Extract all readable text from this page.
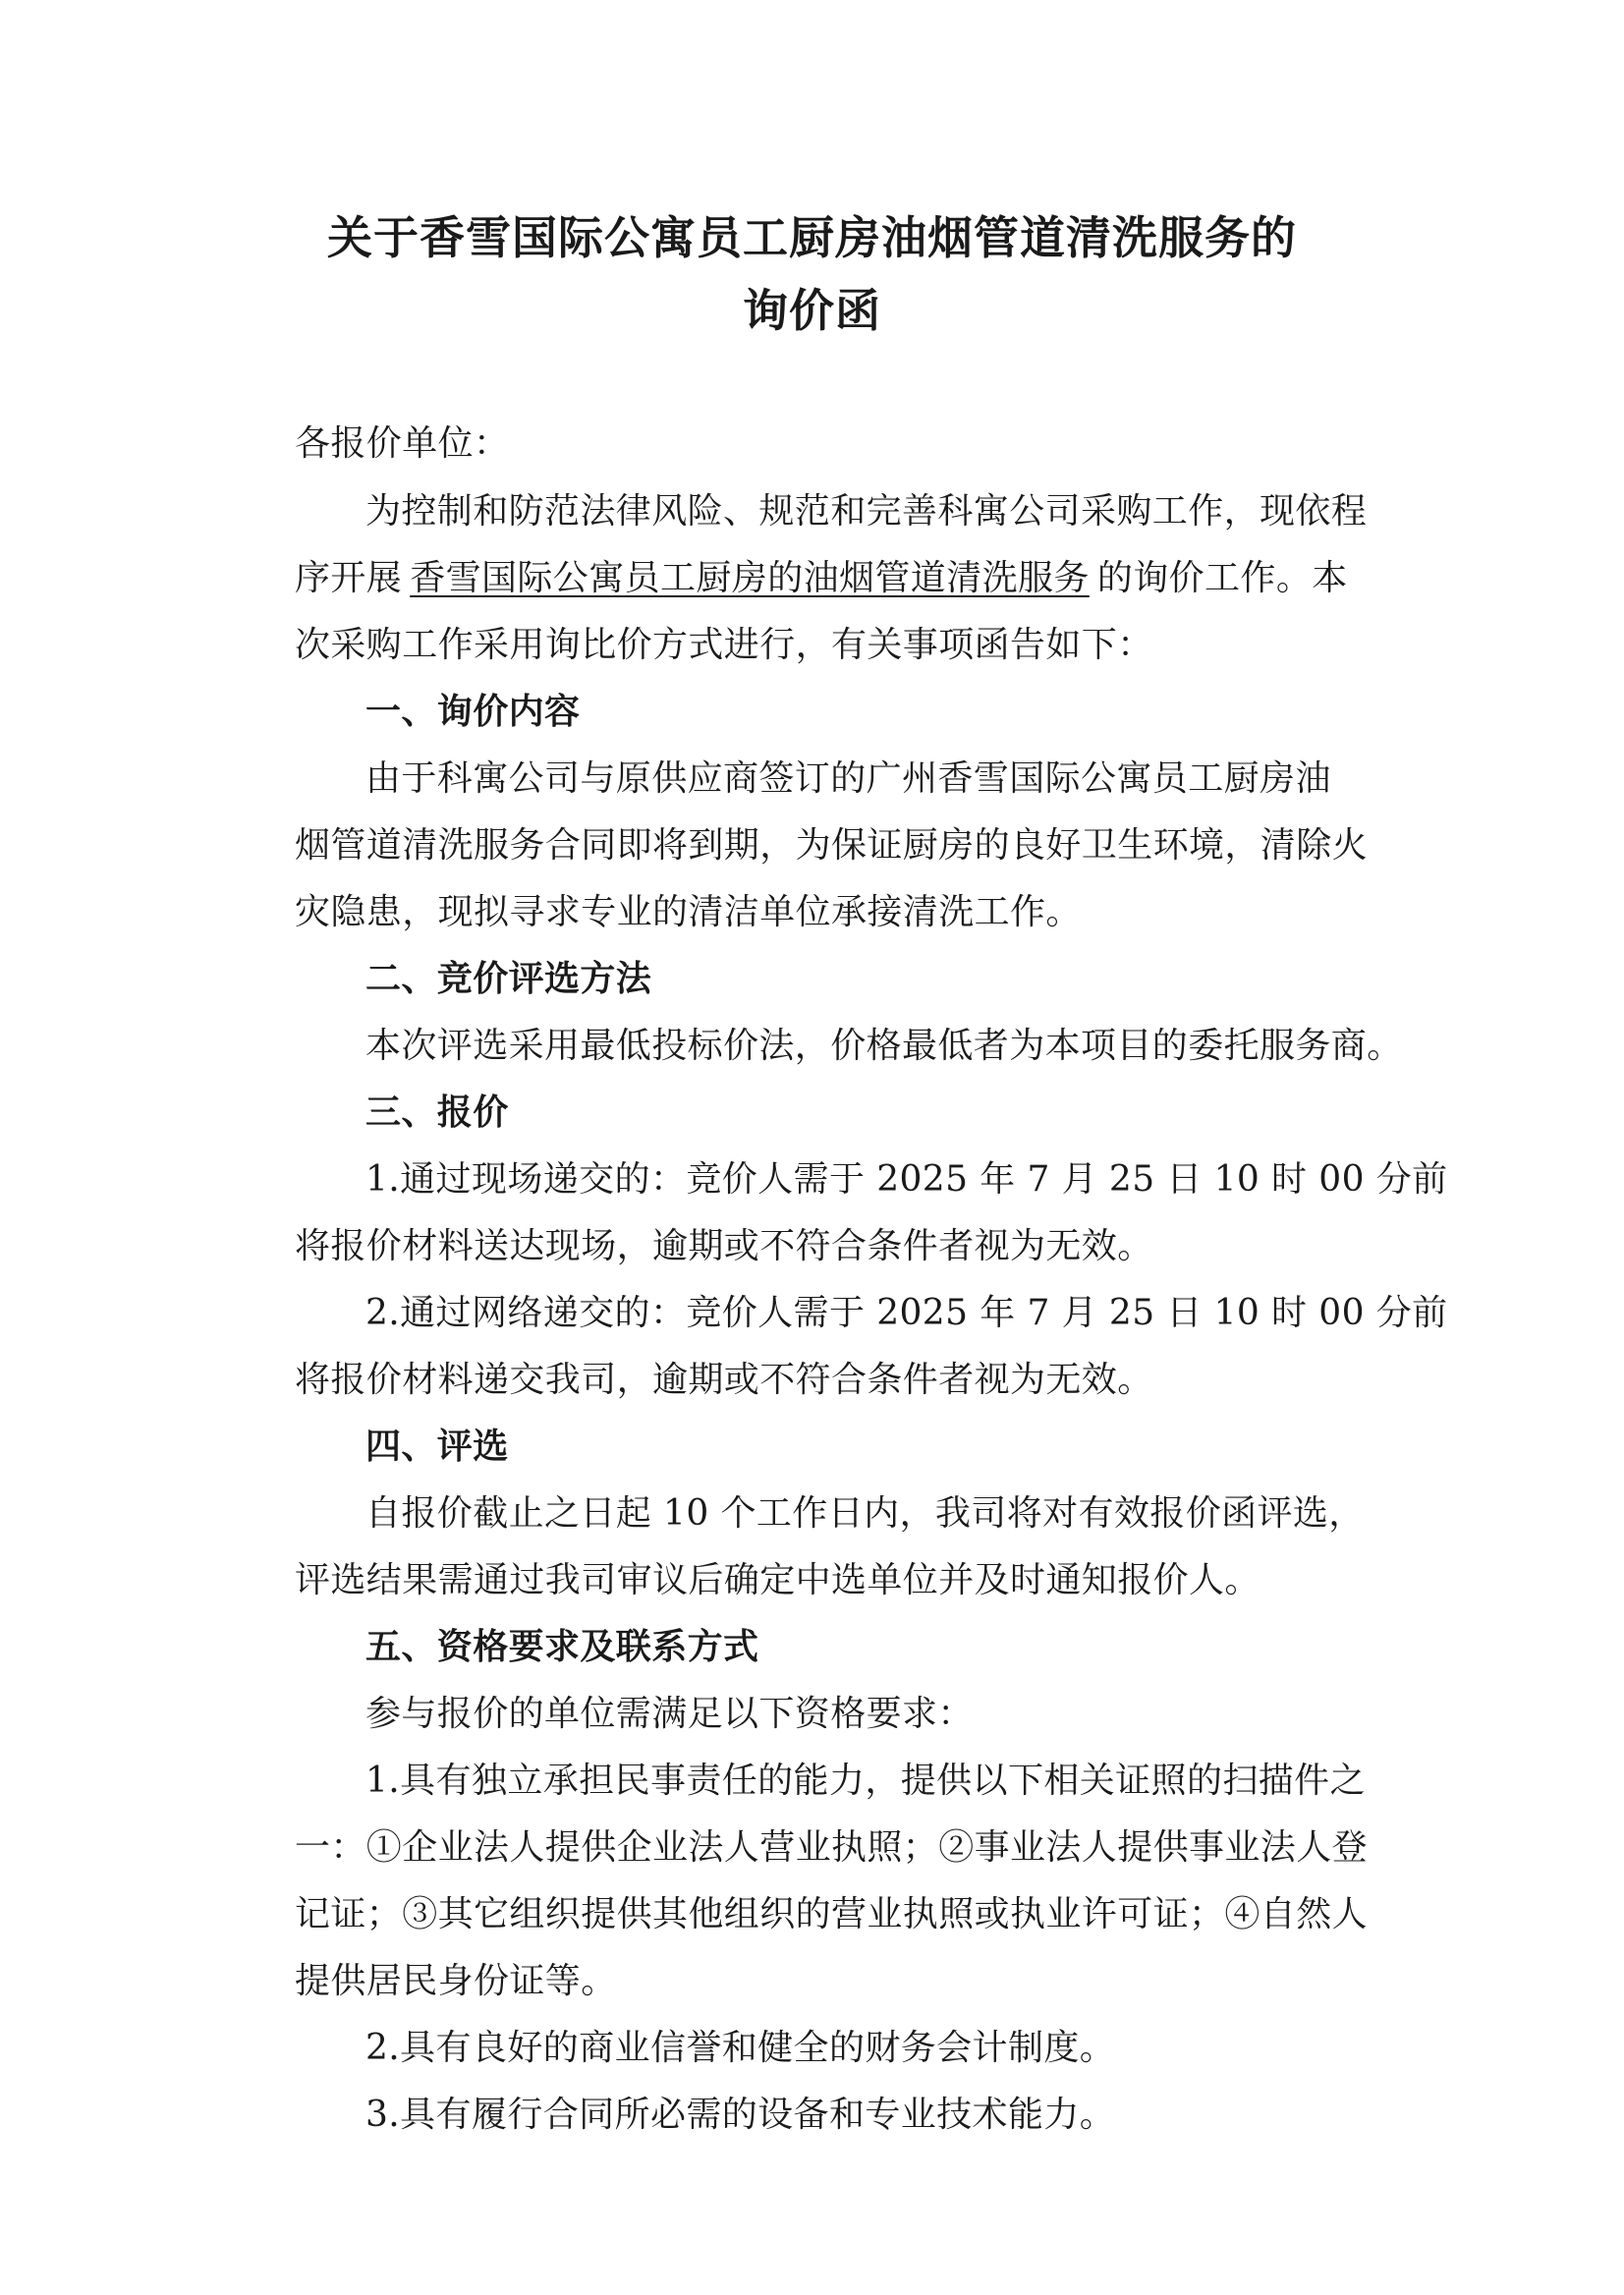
关于香雪国际公寓员工厨房油烟管道清洗服务的
询价函
各报价单位：
为控制和防范法律风险、规范和完善科寓公司采购工作，现依程
序开展 香雪国际公寓员工厨房的油烟管道清洗服务 的询价工作。本
次采购工作采用询比价方式进行，有关事项函告如下：
一、询价内容
由于科寓公司与原供应商签订的广州香雪国际公寓员工厨房油
烟管道清洗服务合同即将到期，为保证厨房的良好卫生环境，清除火
灾隐患，现拟寻求专业的清洁单位承接清洗工作。
二、竞价评选方法
本次评选采用最低投标价法，价格最低者为本项目的委托服务商。
三、报价
1.通过现场递交的：竞价人需于 2025 年 7 月 25 日 10 时 00 分前
将报价材料送达现场，逾期或不符合条件者视为无效。
2.通过网络递交的：竞价人需于 2025 年 7 月 25 日 10 时 00 分前
将报价材料递交我司，逾期或不符合条件者视为无效。
四、评选
自报价截止之日起 10 个工作日内，我司将对有效报价函评选，
评选结果需通过我司审议后确定中选单位并及时通知报价人。
五、资格要求及联系方式
参与报价的单位需满足以下资格要求：
1.具有独立承担民事责任的能力，提供以下相关证照的扫描件之
一：①企业法人提供企业法人营业执照；②事业法人提供事业法人登
记证；③其它组织提供其他组织的营业执照或执业许可证；④自然人
提供居民身份证等。
2.具有良好的商业信誉和健全的财务会计制度。
3.具有履行合同所必需的设备和专业技术能力。
